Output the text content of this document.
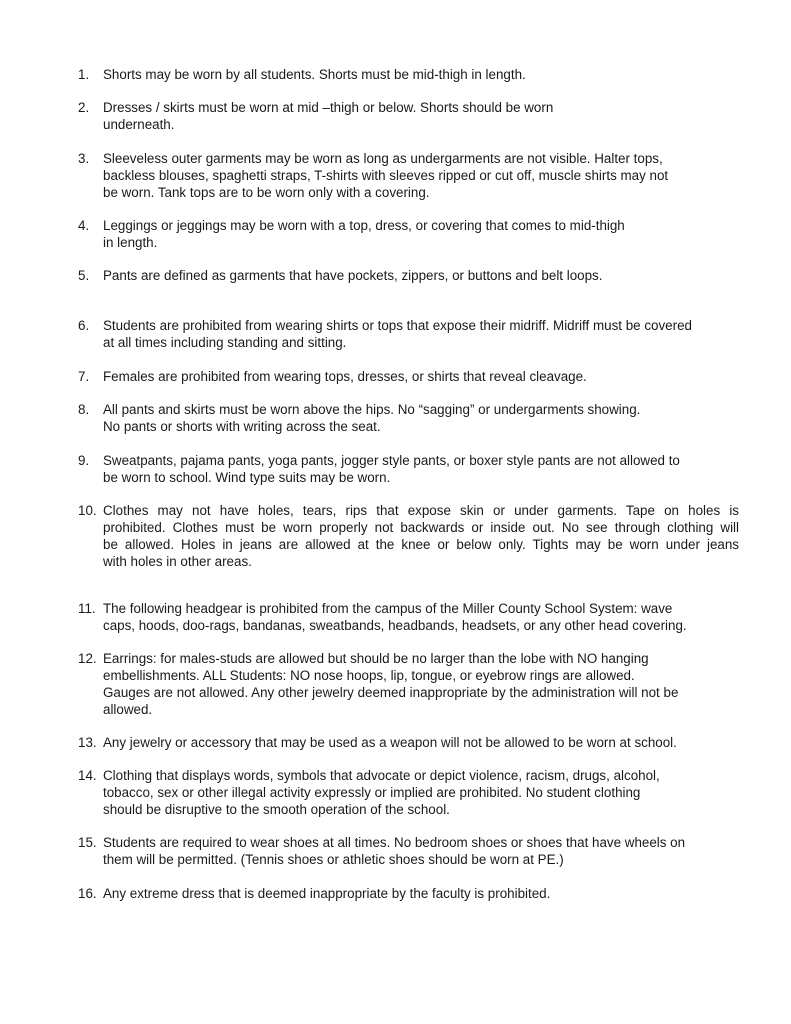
1.	Shorts may be worn by all students. Shorts must be mid-thigh in length.
2.	Dresses / skirts must be worn at mid –thigh or below. Shorts should be worn
underneath.
3.	Sleeveless outer garments may be worn as long as undergarments are not visible. Halter tops,
backless blouses, spaghetti straps, T-shirts with sleeves ripped or cut off, muscle shirts may not
be worn. Tank tops are to be worn only with a covering.
4.	Leggings or jeggings may be worn with a top, dress, or covering that comes to mid-thigh
in length.
5.	Pants are defined as garments that have pockets, zippers, or buttons and belt loops.
6.	Students are prohibited from wearing shirts or tops that expose their midriff. Midriff must be covered
at all times including standing and sitting.
7.	Females are prohibited from wearing tops, dresses, or shirts that reveal cleavage.
8.	All pants and skirts must be worn above the hips. No “sagging” or undergarments showing.
No pants or shorts with writing across the seat.
9.	Sweatpants, pajama pants, yoga pants, jogger style pants, or boxer style pants are not allowed to
be worn to school. Wind type suits may be worn.
10. Clothes may not have holes, tears, rips that expose skin or under garments. Tape on holes is
prohibited. Clothes must be worn properly not backwards or inside out. No see through clothing will
be allowed. Holes in jeans are allowed at the knee or below only. Tights may be worn under jeans
with holes in other areas.
11. The following headgear is prohibited from the campus of the Miller County School System: wave
caps, hoods, doo-rags, bandanas, sweatbands, headbands, headsets, or any other head covering.
12. Earrings: for males-studs are allowed but should be no larger than the lobe with NO hanging
embellishments. ALL Students: NO nose hoops, lip, tongue, or eyebrow rings are allowed.
Gauges are not allowed. Any other jewelry deemed inappropriate by the administration will not be
allowed.
13. Any jewelry or accessory that may be used as a weapon will not be allowed to be worn at school.
14. Clothing that displays words, symbols that advocate or depict violence, racism, drugs, alcohol,
tobacco, sex or other illegal activity expressly or implied are prohibited. No student clothing
should be disruptive to the smooth operation of the school.
15. Students are required to wear shoes at all times. No bedroom shoes or shoes that have wheels on
them will be permitted. (Tennis shoes or athletic shoes should be worn at PE.)
16. Any extreme dress that is deemed inappropriate by the faculty is prohibited.
